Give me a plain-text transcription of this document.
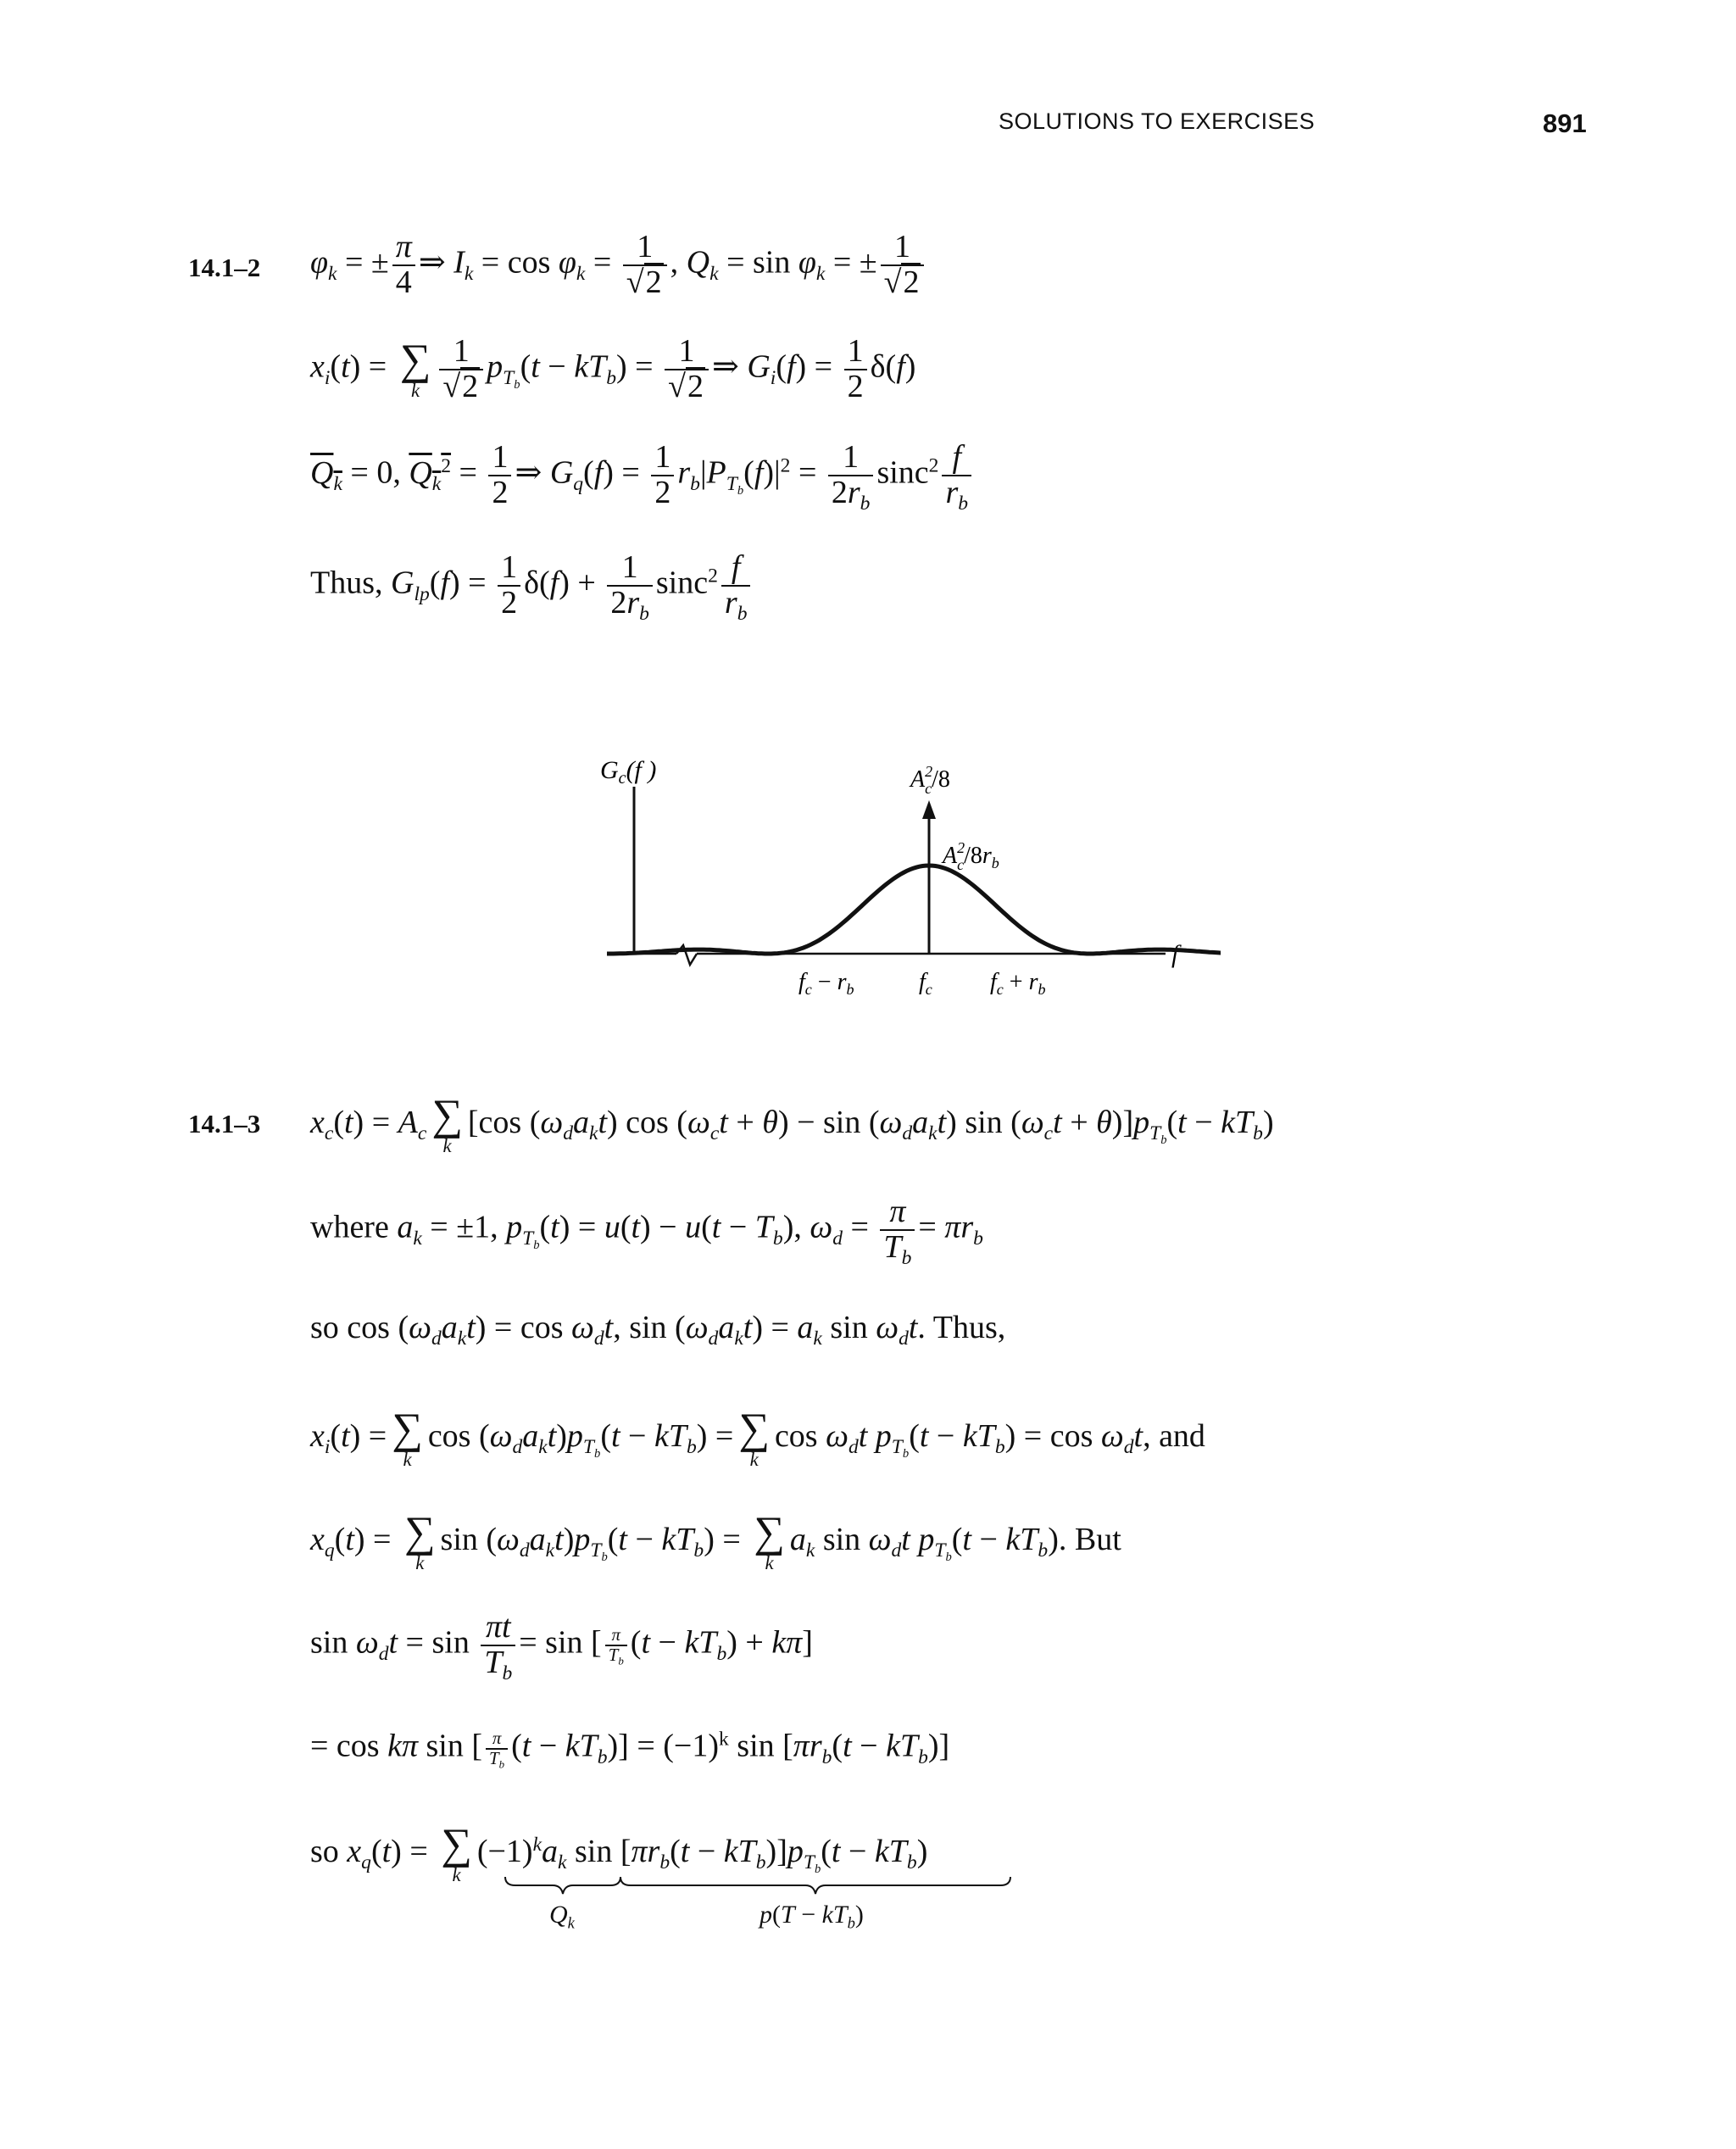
SOLUTIONS TO EXERCISES	891
14.1–2 $\varphi_k$ = ± $\frac{\pi}{4}$ ⇒ $I_k = \cos \varphi_k = \frac{1}{√2}$ , $Q_k = \sin \varphi_k$ = ± $\frac{1}{√2}$
$x_i(t)$ = ∑
k $\frac{1}{√2} p_{T_b}(t - kT_b) = \frac{1}{√2}$ ⇒ $G_i(f) = \frac{1}{2} \delta(f)$
$Q_k = 0$, $Q_k^2 = \frac{1}{2}$ ⇒ $G_q(f) = \frac{1}{2} r_b|P_{T_b}(f)|^2 = \frac{1}{2r_b} \sin c^2 \frac{f}{r_b}$
Thus, $G_{lp}(f) = \frac{1}{2} \delta(f) + \frac{1}{2r_b} \sin c^2 \frac{f}{r_b}$
$G_c(f$ )
f
$A^2$ c/8
$A^2$ $c/8r_b$
$f_c - r_b$	$f_c$ $f_c + r_b$
14.1–3 $x_c(t) = A_c$ ∑
k
[cos $(\omega_da_kt)$ $\cos (\omega_ct + \theta) - \sin (\omega_da_kt)$ $\sin (\omega_ct + \theta)]p_{T_b}(t - kT_b)$
where $a_k = \pm 1$, $p_{T_b}(t) = u(t) - u(t - T_b)$, $\omega_d = \frac{\pi}{T_b} = \pi r_b$
so $\cos (\omega_da_kt) = \cos \omega_dt$, $\sin (\omega_da_kt) = a_k$ $\sin \omega_dt$. Thus,
$x_i(t)$ = ∑
k
$\cos (\omega_da_kt)p_{T_b}(t - kT_b)$ = ∑
k
$\cos \omega_dt$ $p_{T_b}(t - kT_b) = \cos \omega_dt$, and
$x_q(t)$ = ∑
k
$\sin (\omega_da_kt)p_{T_b}(t - kT_b)$ = ∑
k
$a_k$ $\sin \omega_dt$ $p_{T_b}(t - kT_b)$. But
$\sin \omega_dt = \sin \frac{\pi t}{T_b} = \sin$ [ $\frac{\pi}{T_b} (t - kT_b) + k\pi$]
= cos kπ sin [ $\frac{\pi}{T_b} (t - kT_b)] = (-1)^k$ $\sin [\pi r_b(t - kT_b)]$
so $x_q(t)$ = ∑
k
$(-1)^ka_k$ $\sin [\pi r_b(t - kT_b)]p_{T_b}(t - kT_b)$
$Q_k$	$p(T - kT_b)$
